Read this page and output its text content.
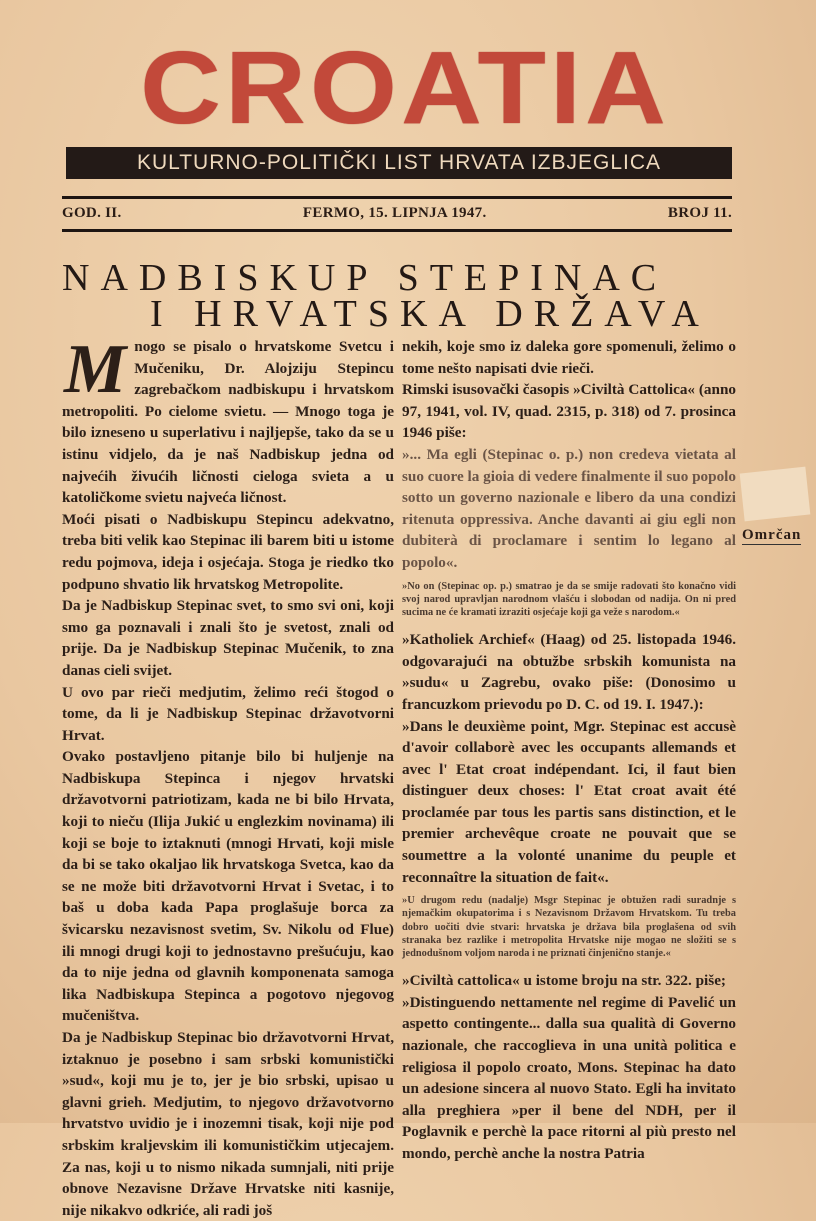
CROATIA
KULTURNO-POLITIČKI LIST HRVATA IZBJEGLICA
GOD. II.	FERMO, 15. LIPNJA 1947.	BROJ 11.
NADBISKUP STEPINAC
I HRVATSKA DRŽAVA

Mnogo se pisalo o hrvatskome Svetcu i Mučeniku, Dr. Alojziju Stepincu zagrebačkom nadbiskupu i hrvatskom metropoliti. Po cielome svietu. — Mnogo toga je bilo izneseno u superlativu i najljepše, tako da se u istinu vidjelo, da je naš Nadbiskup jedna od najvećih živućih ličnosti cieloga svieta a u katoličkome svietu najveća ličnost.

Moći pisati o Nadbiskupu Stepincu adekvatno, treba biti velik kao Stepinac ili barem biti u istome redu pojmova, ideja i osjećaja. Stoga je riedko tko podpuno shvatio lik hrvatskog Metropolite.

Da je Nadbiskup Stepinac svet, to smo svi oni, koji smo ga poznavali i znali što je svetost, znali od prije. Da je Nadbiskup Stepinac Mučenik, to zna danas cieli svijet.

U ovo par rieči medjutim, želimo reći štogod o tome, da li je Nadbiskup Stepinac državotvorni Hrvat.

Ovako postavljeno pitanje bilo bi huljenje na Nadbiskupa Stepinca i njegov hrvatski državotvorni patriotizam, kada ne bi bilo Hrvata, koji to nieču (Ilija Jukić u englezkim novinama) ili koji se boje to iztaknuti (mnogi Hrvati, koji misle da bi se tako okaljao lik hrvatskoga Svetca, kao da se ne može biti državotvorni Hrvat i Svetac, i to baš u doba kada Papa proglašuje borca za švicarsku nezavisnost svetim, Sv. Nikolu od Flue) ili mnogi drugi koji to jednostavno prešućuju, kao da to nije jedna od glavnih komponenata samoga lika Nadbiskupa Stepinca a pogotovo njegovog mučeništva.

Da je Nadbiskup Stepinac bio državotvorni Hrvat, iztaknuo je posebno i sam srbski komunistički »sud«, koji mu je to, jer je bio srbski, upisao u glavni grieh. Medjutim, to njegovo državotvorno hrvatstvo uvidio je i inozemni tisak, koji nije pod srbskim kraljevskim ili komunističkim utjecajem. Za nas, koji u to nismo nikada sumnjali, niti prije obnove Nezavisne Države Hrvatske niti kasnije, nije nikakvo odkriće, ali radi još

nekih, koje smo iz daleka gore spomenuli, želimo o tome nešto napisati dvie rieči.

Rimski isusovački časopis »Civiltà Cattolica« (anno 97, 1941, vol. IV, quad. 2315, p. 318) od 7. prosinca 1946 piše:

»... Ma egli (Stepinac o. p.) non credeva vietata al suo cuore la gioia di vedere finalmente il suo popolo sotto un governo nazionale e libero da una condizi ritenuta oppressiva. Anche davanti ai giu egli non dubiterà di proclamare i sentim lo legano al popolo«.

»No on (Stepinac op. p.) smatrao je da se smije radovati što konačno vidi svoj narod upravljan narodnom vlašću i slobodan od nadija. On ni pred sucima ne će kramati izraziti osjećaje koji ga veže s narodom.«

»Katholiek Archief« (Haag) od 25. listopada 1946. odgovarajući na obtužbe srbskih komunista na »sudu« u Zagrebu, ovako piše: (Donosimo u francuzkom prievodu po D. C. od 19. I. 1947.):

»Dans le deuxième point, Mgr. Stepinac est accusè d'avoir collaborè avec les occupants allemands et avec l' Etat croat indépendant. Ici, il faut bien distinguer deux choses: l' Etat croat avait été proclamée par tous les partis sans distinction, et le premier archevêque croate ne pouvait que se soumettre a la volonté unanime du peuple et reconnaître la situation de fait«.

»U drugom redu (nadalje) Msgr Stepinac je obtužen radi suradnje s njemačkim okupatorima i s Nezavisnom Državom Hrvatskom. Tu treba dobro uočiti dvie stvari: hrvatska je država bila proglašena od svih stranaka bez razlike i metropolita Hrvatske nije mogao ne složiti se s jednodušnom voljom naroda i ne priznati činjenično stanje.«

»Civiltà cattolica« u istome broju na str. 322. piše;

»Distinguendo nettamente nel regime di Pavelić un aspetto contingente... dalla sua qualità di Governo nazionale, che raccoglieva in una unità politica e religiosa il popolo croato, Mons. Stepinac ha dato un adesione sincera al nuovo Stato. Egli ha invitato alla preghiera »per il bene del NDH, per il Poglavnik e perchè la pace ritorni al più presto nel mondo, perchè anche la nostra Patria

Omrčan
